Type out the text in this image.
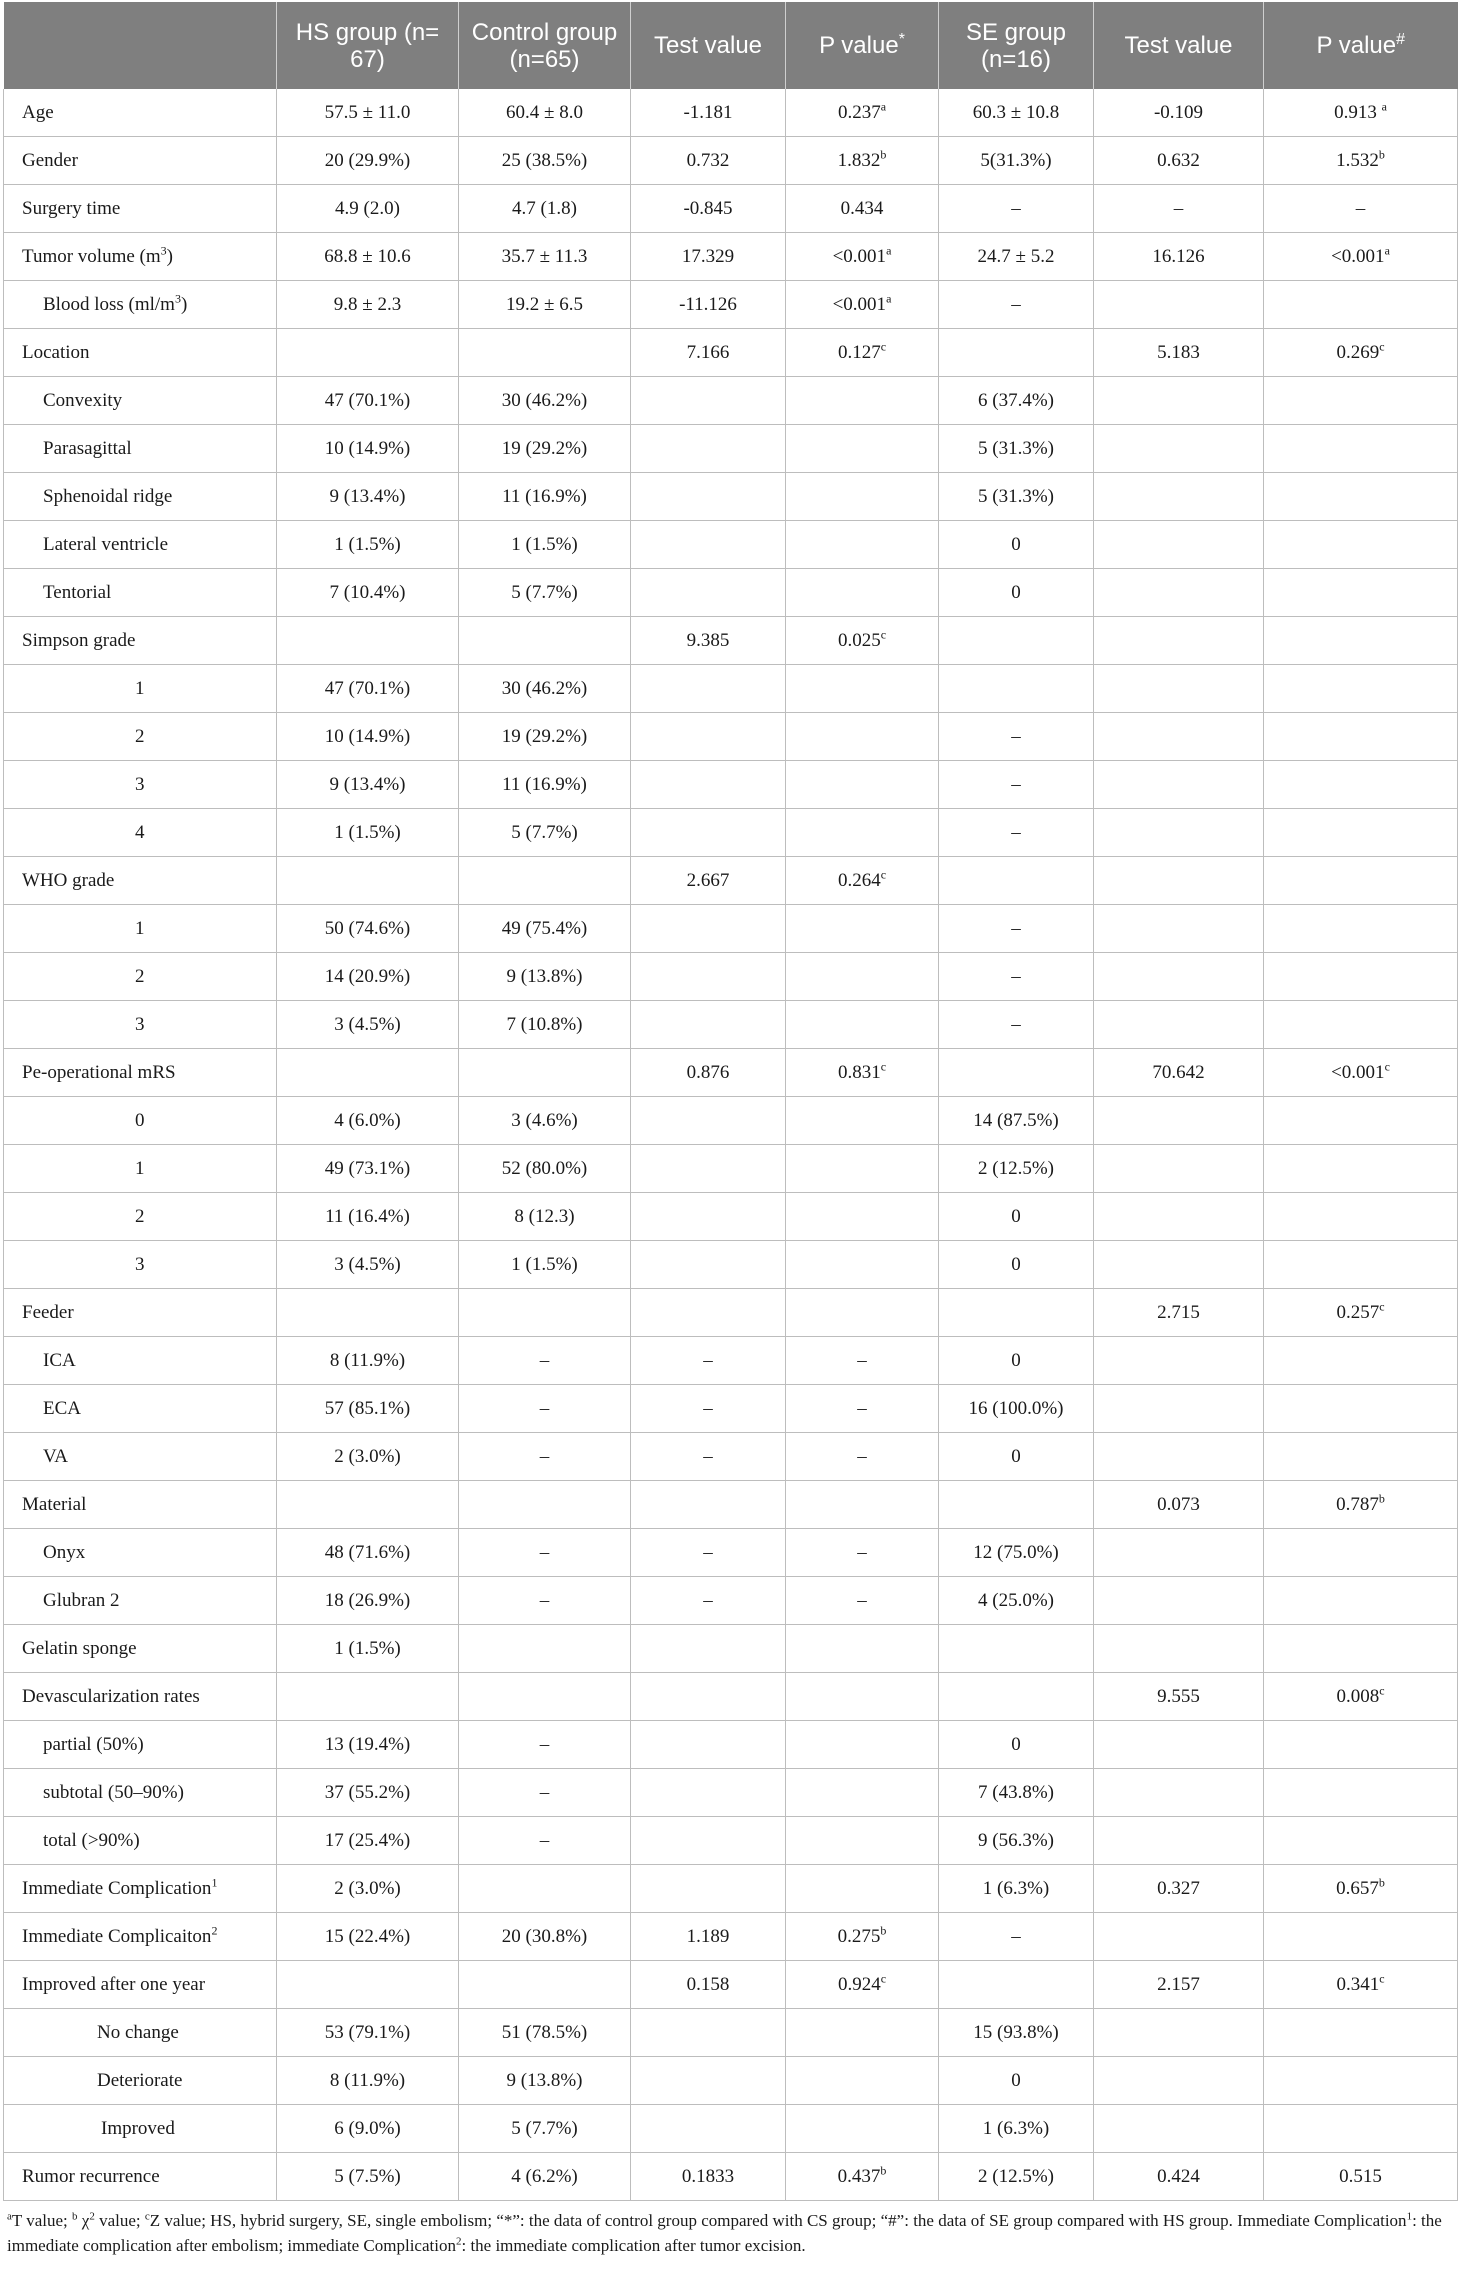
	HS group (n= 67)	Control group (n=65)	Test value	P value*	SE group (n=16)	Test value	P value#
Age	57.5 ± 11.0	60.4 ± 8.0	-1.181	0.237$^a$	60.3 ± 10.8	-0.109	0.913 $^a$
Gender	20 (29.9%)	25 (38.5%)	0.732	1.832$^b$	5(31.3%)	0.632	1.532$^b$
Surgery time	4.9 (2.0)	4.7 (1.8)	-0.845	0.434	–	–	–
Tumor volume $(m^3)$	68.8 ± 10.6	35.7 ± 11.3	17.329	<0.001$^a$	24.7 ± 5.2	16.126	<0.001$^a$
Blood loss $(ml/m^3)$	9.8 ± 2.3	19.2 ± 6.5	-11.126	<0.001$^a$	–		
Location			7.166	0.127$^c$		5.183	0.269$^c$
Convexity	47 (70.1%)	30 (46.2%)			6 (37.4%)		
Parasagittal	10 (14.9%)	19 (29.2%)			5 (31.3%)		
Sphenoidal ridge	9 (13.4%)	11 (16.9%)			5 (31.3%)		
Lateral ventricle	1 (1.5%)	1 (1.5%)			0		
Tentorial	7 (10.4%)	5 (7.7%)			0		
Simpson grade			9.385	0.025$^c$			
1	47 (70.1%)	30 (46.2%)					
2	10 (14.9%)	19 (29.2%)			–		
3	9 (13.4%)	11 (16.9%)			–		
4	1 (1.5%)	5 (7.7%)			–		
WHO grade			2.667	0.264$^c$			
1	50 (74.6%)	49 (75.4%)			–		
2	14 (20.9%)	9 (13.8%)			–		
3	3 (4.5%)	7 (10.8%)			–		
Pe-operational mRS			0.876	0.831$^c$		70.642	<0.001$^c$
0	4 (6.0%)	3 (4.6%)			14 (87.5%)		
1	49 (73.1%)	52 (80.0%)			2 (12.5%)		
2	11 (16.4%)	8 (12.3)			0		
3	3 (4.5%)	1 (1.5%)			0		
Feeder						2.715	0.257$^c$
ICA	8 (11.9%)	–	–	–	0		
ECA	57 (85.1%)	–	–	–	16 (100.0%)		
VA	2 (3.0%)	–	–	–	0		
Material						0.073	0.787$^b$
Onyx	48 (71.6%)	–	–	–	12 (75.0%)		
Glubran 2	18 (26.9%)	–	–	–	4 (25.0%)		
Gelatin sponge	1 (1.5%)						
Devascularization rates						9.555	0.008$^c$
partial (50%)	13 (19.4%)	–			0		
subtotal (50–90%)	37 (55.2%)	–			7 (43.8%)		
total (>90%)	17 (25.4%)	–			9 (56.3%)		
Immediate Complication$^1$	2 (3.0%)				1 (6.3%)	0.327	0.657$^b$
Immediate Complicaiton$^2$	15 (22.4%)	20 (30.8%)	1.189	0.275$^b$	–		
Improved after one year			0.158	0.924$^c$		2.157	0.341$^c$
No change	53 (79.1%)	51 (78.5%)			15 (93.8%)		
Deteriorate	8 (11.9%)	9 (13.8%)			0		
Improved	6 (9.0%)	5 (7.7%)			1 (6.3%)		
Rumor recurrence	5 (7.5%)	4 (6.2%)	0.1833	0.437$^b$	2 (12.5%)	0.424	0.515
$^a$T value; $^b$ $\chi^2$ value; $^c$Z value; HS, hybrid surgery, SE, single embolism; “*”: the data of control group compared with CS group; “#”: the data of SE group compared with HS group. Immediate Complication$^1$: the immediate complication after embolism; immediate Complication$^2$: the immediate complication after tumor excision.
